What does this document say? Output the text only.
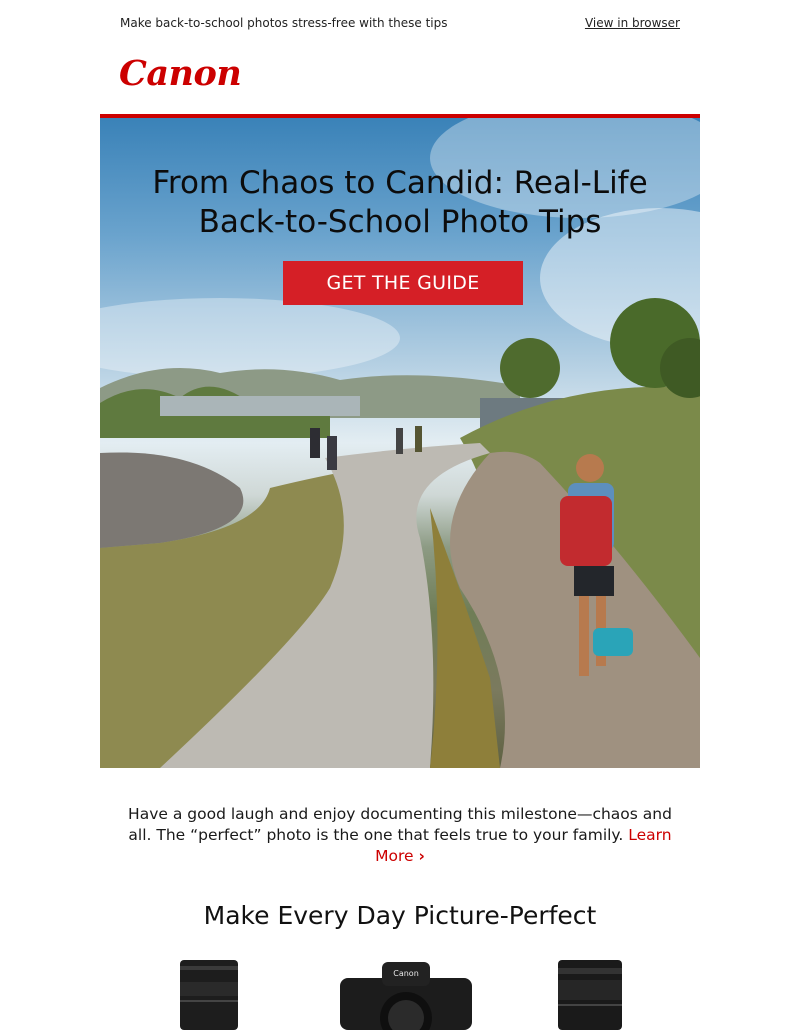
Make back-to-school photos stress-free with these tips	View in browser
Canon
From Chaos to Candid: Real-Life
Back-to-School Photo Tips
GET THE GUIDE

Have a good laugh and enjoy documenting this milestone—chaos and all. The “perfect” photo is the one that feels true to your family. Learn More ›

Make Every Day Picture-Perfect
Canon
